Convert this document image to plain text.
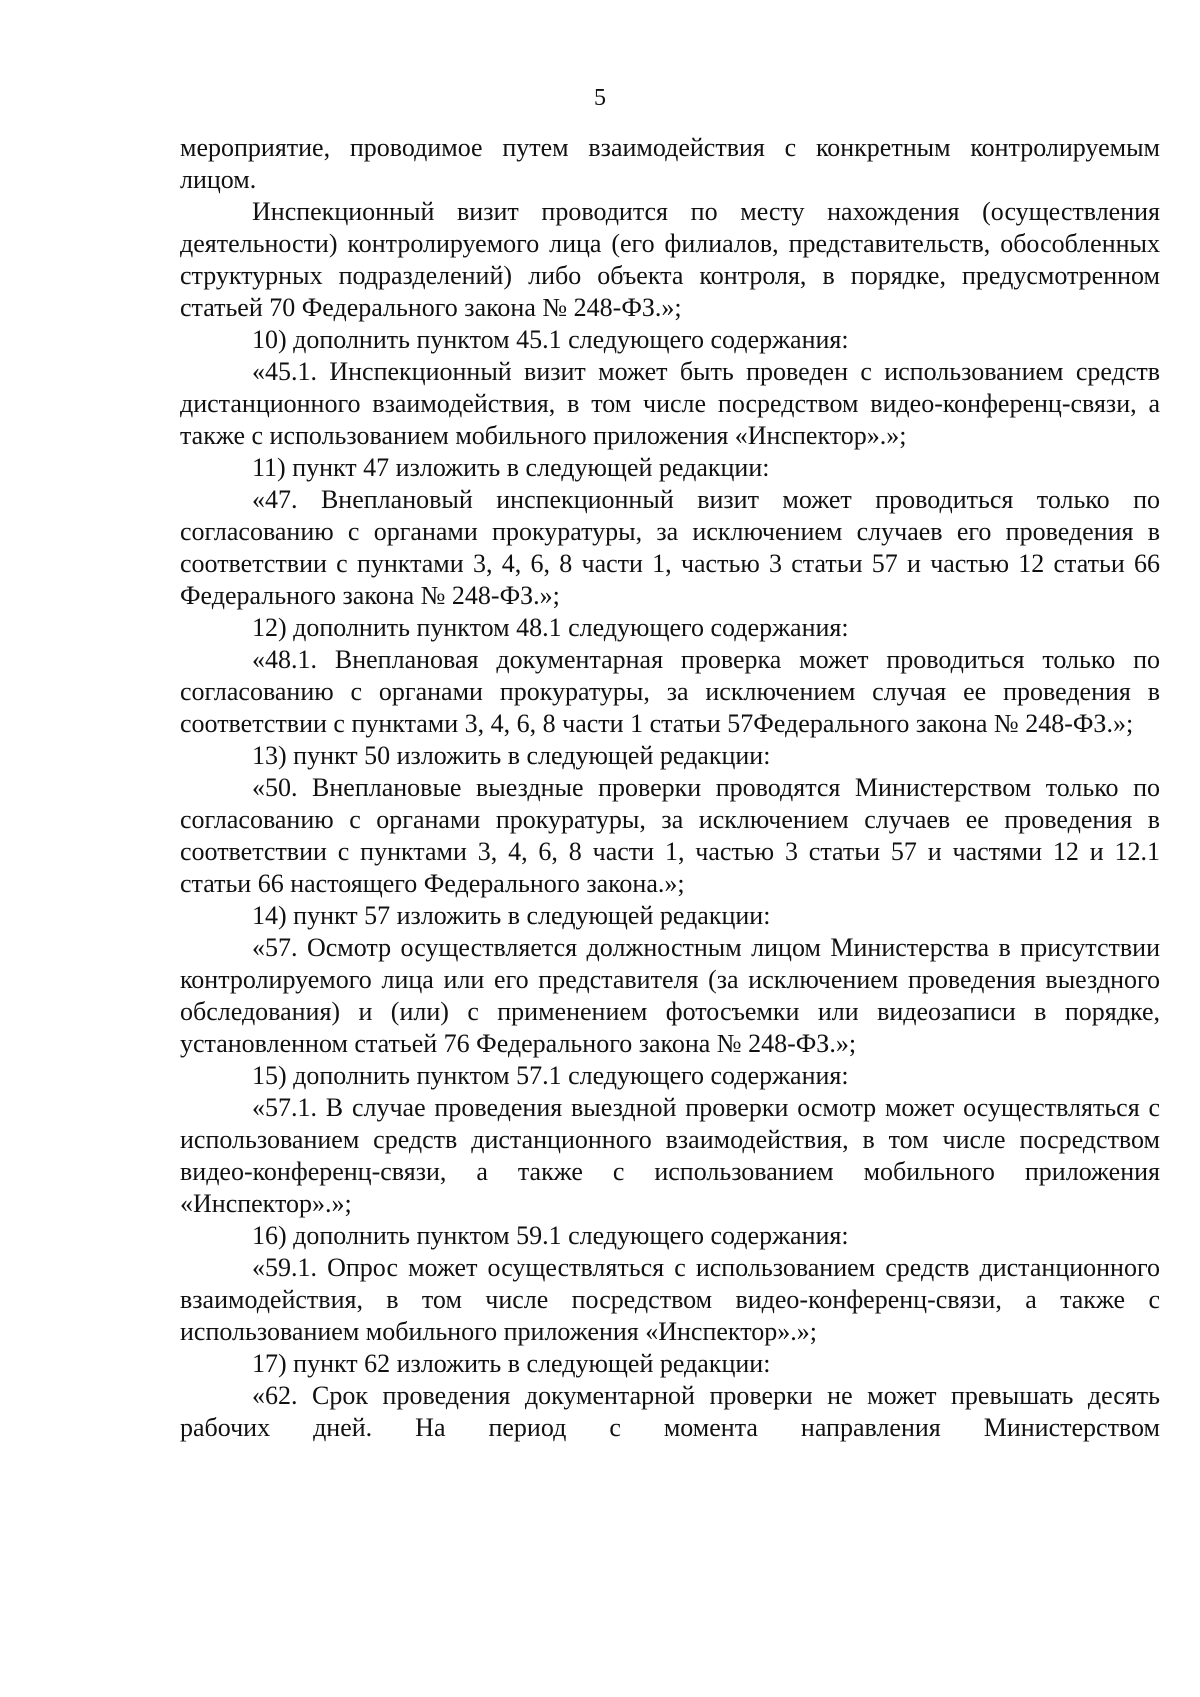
5

мероприятие, проводимое путем взаимодействия с конкретным контролируемым лицом.

Инспекционный визит проводится по месту нахождения (осуществления деятельности) контролируемого лица (его филиалов, представительств, обособленных структурных подразделений) либо объекта контроля, в порядке, предусмотренном статьей 70 Федерального закона № 248-ФЗ.»;

10) дополнить пунктом 45.1 следующего содержания:

«45.1. Инспекционный визит может быть проведен с использованием средств дистанционного взаимодействия, в том числе посредством видео-конференц-связи, а также с использованием мобильного приложения «Инспектор».»;

11) пункт 47 изложить в следующей редакции:

«47. Внеплановый инспекционный визит может проводиться только по согласованию с органами прокуратуры, за исключением случаев его проведения в соответствии с пунктами 3, 4, 6, 8 части 1, частью 3 статьи 57 и частью 12 статьи 66 Федерального закона № 248-ФЗ.»;

12) дополнить пунктом 48.1 следующего содержания:

«48.1. Внеплановая документарная проверка может проводиться только по согласованию с органами прокуратуры, за исключением случая ее проведения в соответствии с пунктами 3, 4, 6, 8 части 1 статьи 57Федерального закона № 248-ФЗ.»;

13) пункт 50 изложить в следующей редакции:

«50. Внеплановые выездные проверки проводятся Министерством только по согласованию с органами прокуратуры, за исключением случаев ее проведения в соответствии с пунктами 3, 4, 6, 8 части 1, частью 3 статьи 57 и частями 12 и 12.1 статьи 66 настоящего Федерального закона.»;

14) пункт 57 изложить в следующей редакции:

«57. Осмотр осуществляется должностным лицом Министерства в присутствии контролируемого лица или его представителя (за исключением проведения выездного обследования) и (или) с применением фотосъемки или видеозаписи в порядке, установленном статьей 76 Федерального закона № 248-ФЗ.»;

15) дополнить пунктом 57.1 следующего содержания:

«57.1. В случае проведения выездной проверки осмотр может осуществляться с использованием средств дистанционного взаимодействия, в том числе посредством видео-конференц-связи, а также с использованием мобильного приложения «Инспектор».»;

16) дополнить пунктом 59.1 следующего содержания:

«59.1. Опрос может осуществляться с использованием средств дистанционного взаимодействия, в том числе посредством видео-конференц-связи, а также с использованием мобильного приложения «Инспектор».»;

17) пункт 62 изложить в следующей редакции:

«62. Срок проведения документарной проверки не может превышать десять рабочих дней. На период с момента направления Министерством
